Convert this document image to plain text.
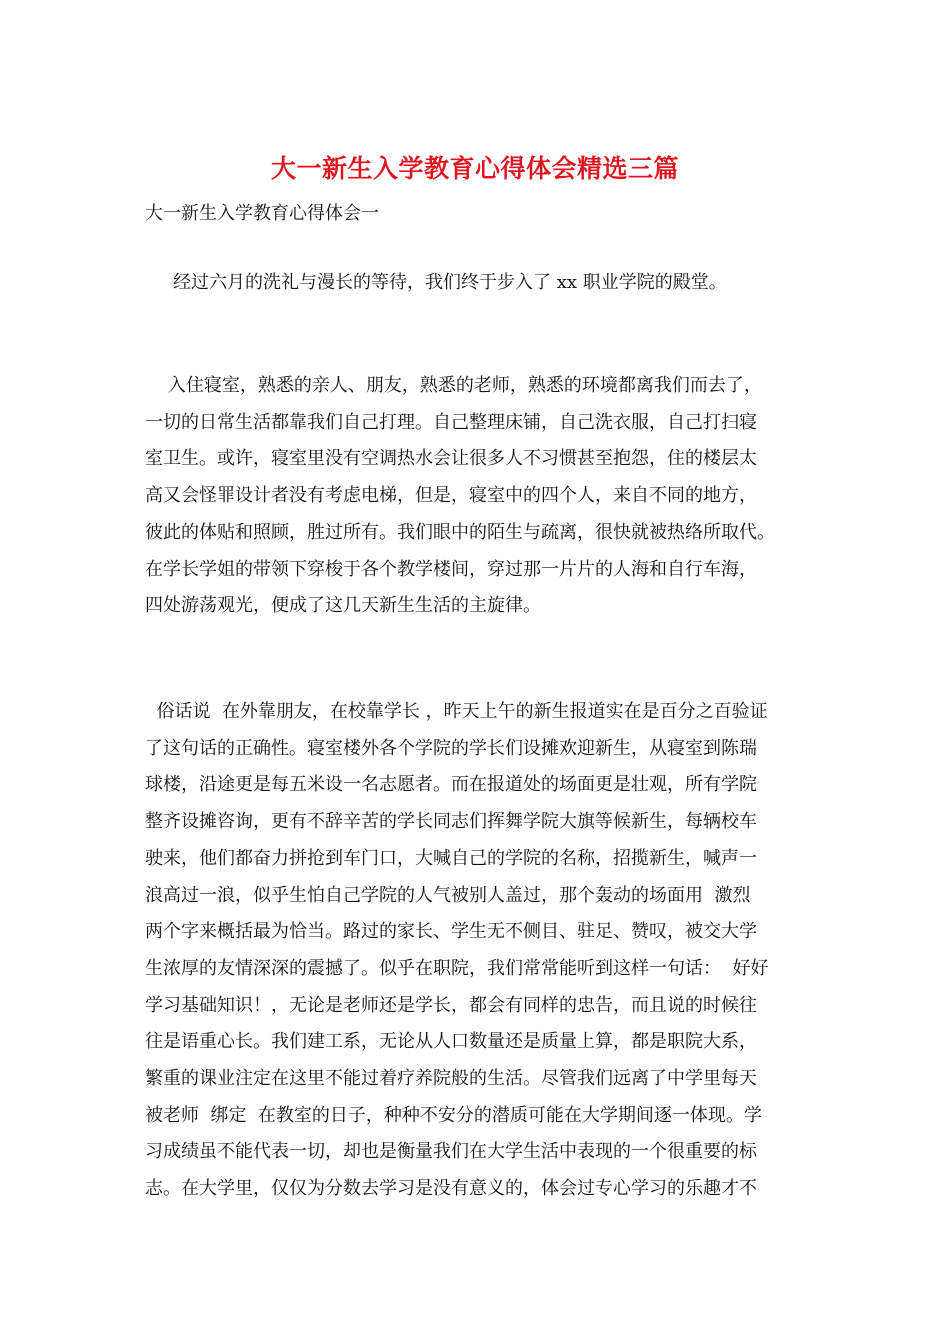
大一新生入学教育心得体会精选三篇
大一新生入学教育心得体会一
经过六月的洗礼与漫长的等待，我们终于步入了 xx 职业学院的殿堂。
入住寝室，熟悉的亲人、朋友，熟悉的老师，熟悉的环境都离我们而去了，
一切的日常生活都靠我们自己打理。自己整理床铺，自己洗衣服，自己打扫寝
室卫生。或许，寝室里没有空调热水会让很多人不习惯甚至抱怨，住的楼层太
高又会怪罪设计者没有考虑电梯，但是，寝室中的四个人，来自不同的地方，
彼此的体贴和照顾，胜过所有。我们眼中的陌生与疏离，很快就被热络所取代。
在学长学姐的带领下穿梭于各个教学楼间，穿过那一片片的人海和自行车海，
四处游荡观光，便成了这几天新生生活的主旋律。
俗话说  在外靠朋友，在校靠学长 ，昨天上午的新生报道实在是百分之百验证
了这句话的正确性。寝室楼外各个学院的学长们设摊欢迎新生，从寝室到陈瑞
球楼，沿途更是每五米设一名志愿者。而在报道处的场面更是壮观，所有学院
整齐设摊咨询，更有不辞辛苦的学长同志们挥舞学院大旗等候新生，每辆校车
驶来，他们都奋力拼抢到车门口，大喊自己的学院的名称，招揽新生，喊声一
浪高过一浪，似乎生怕自己学院的人气被别人盖过，那个轰动的场面用  激烈
两个字来概括最为恰当。路过的家长、学生无不侧目、驻足、赞叹，被交大学
生浓厚的友情深深的震撼了。似乎在职院，我们常常能听到这样一句话：  好好
学习基础知识！，无论是老师还是学长，都会有同样的忠告，而且说的时候往
往是语重心长。我们建工系，无论从人口数量还是质量上算，都是职院大系，
繁重的课业注定在这里不能过着疗养院般的生活。尽管我们远离了中学里每天
被老师  绑定  在教室的日子，种种不安分的潜质可能在大学期间逐一体现。学
习成绩虽不能代表一切，却也是衡量我们在大学生活中表现的一个很重要的标
志。在大学里，仅仅为分数去学习是没有意义的，体会过专心学习的乐趣才不
